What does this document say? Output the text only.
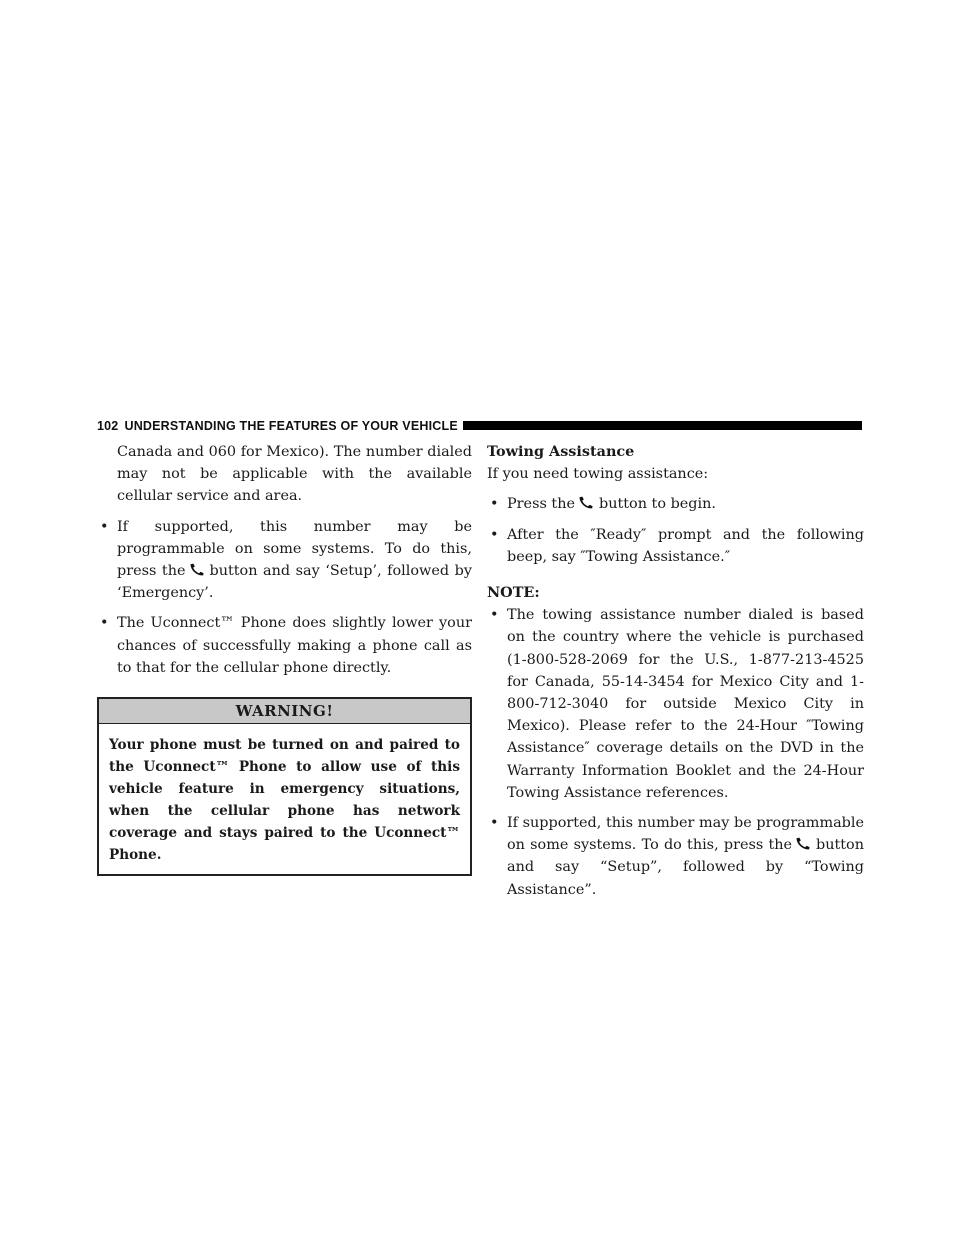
102 UNDERSTANDING THE FEATURES OF YOUR VEHICLE

Canada and 060 for Mexico). The number dialed may not be applicable with the available cellular service and area.

• If supported, this number may be programmable on some systems. To do this, press the button and say ‘Setup’, followed by ‘Emergency’.
• The Uconnect™ Phone does slightly lower your chances of successfully making a phone call as to that for the cellular phone directly.
WARNING!
Your phone must be turned on and paired to the Uconnect™ Phone to allow use of this vehicle feature in emergency situations, when the cellular phone has network coverage and stays paired to the Uconnect™ Phone.

Towing Assistance

If you need towing assistance:

• Press the button to begin.
• After the ″Ready″ prompt and the following beep, say ″Towing Assistance.″

NOTE:

• The towing assistance number dialed is based on the country where the vehicle is purchased (1-800-528-2069 for the U.S., 1-877-213-4525 for Canada, 55-14-3454 for Mexico City and 1-800-712-3040 for outside Mexico City in Mexico). Please refer to the 24-Hour ″Towing Assistance″ coverage details on the DVD in the Warranty Information Booklet and the 24-Hour Towing Assistance references.
• If supported, this number may be programmable on some systems. To do this, press the button and say “Setup”, followed by “Towing Assistance”.
